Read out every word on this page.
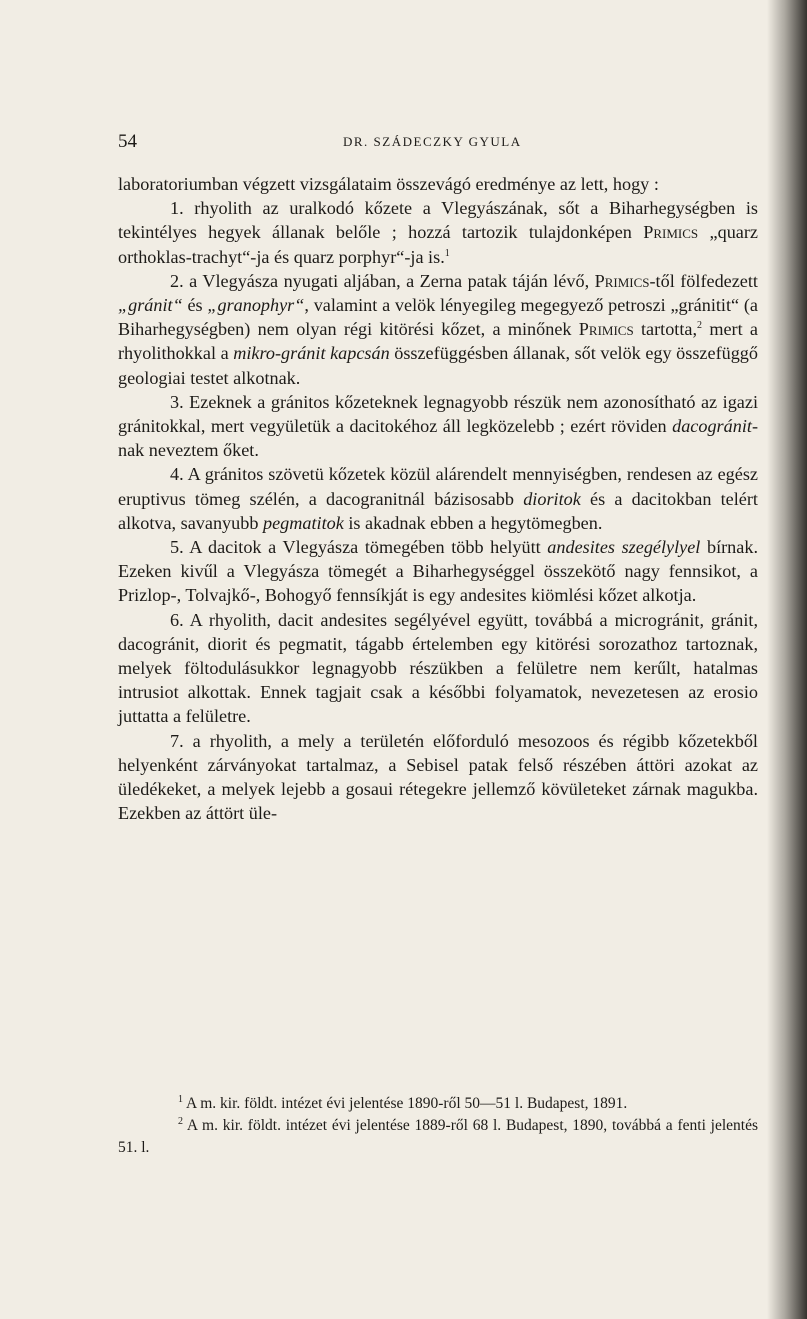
54	DR. SZÁDECZKY GYULA

laboratoriumban végzett vizsgálataim összevágó eredménye az lett, hogy :

1. rhyolith az uralkodó kőzete a Vlegyászának, sőt a Biharhegységben is tekintélyes hegyek állanak belőle ; hozzá tartozik tulajdonképen Primics „quarz orthoklas-trachyt“-ja és quarz porphyr“-ja is.$^1$

2. a Vlegyásza nyugati aljában, a Zerna patak táján lévő, Primics-től fölfedezett „gránit“ és „granophyr“, valamint a velök lényegileg megegyező petroszi „gránitit“ (a Biharhegységben) nem olyan régi kitörési kőzet, a minőnek Primics tartotta,$^2$ mert a rhyolithokkal a mikro-gránit kapcsán összefüggésben állanak, sőt velök egy összefüggő geologiai testet alkotnak.

3. Ezeknek a gránitos kőzeteknek legnagyobb részük nem azonosítható az igazi gránitokkal, mert vegyületük a dacitokéhoz áll legközelebb ; ezért röviden dacogránit-nak neveztem őket.

4. A gránitos szövetü kőzetek közül alárendelt mennyiségben, rendesen az egész eruptivus tömeg szélén, a dacogranitnál bázisosabb dioritok és a dacitokban telért alkotva, savanyubb pegmatitok is akadnak ebben a hegytömegben.

5. A dacitok a Vlegyásza tömegében több helyütt andesites szegélylyel bírnak. Ezeken kivűl a Vlegyásza tömegét a Biharhegységgel összekötő nagy fennsikot, a Prizlop-, Tolvajkő-, Bohogyő fennsíkját is egy andesites kiömlési kőzet alkotja.

6. A rhyolith, dacit andesites segélyével együtt, továbbá a microgránit, gránit, dacogránit, diorit és pegmatit, tágabb értelemben egy kitörési sorozathoz tartoznak, melyek föltodulásukkor legnagyobb részükben a felületre nem kerűlt, hatalmas intrusiot alkottak. Ennek tagjait csak a későbbi folyamatok, nevezetesen az erosio juttatta a felületre.

7. a rhyolith, a mely a területén előforduló mesozoos és régibb kőzetekből helyenként zárványokat tartalmaz, a Sebisel patak felső részében áttöri azokat az üledékeket, a melyek lejebb a gosaui rétegekre jellemző kövületeket zárnak magukba. Ezekben az áttört üle-

$^1$ A m. kir. földt. intézet évi jelentése 1890-ről 50—51 l. Budapest, 1891.

$^2$ A m. kir. földt. intézet évi jelentése 1889-ről 68 l. Budapest, 1890, továbbá a fenti jelentés 51. l.
